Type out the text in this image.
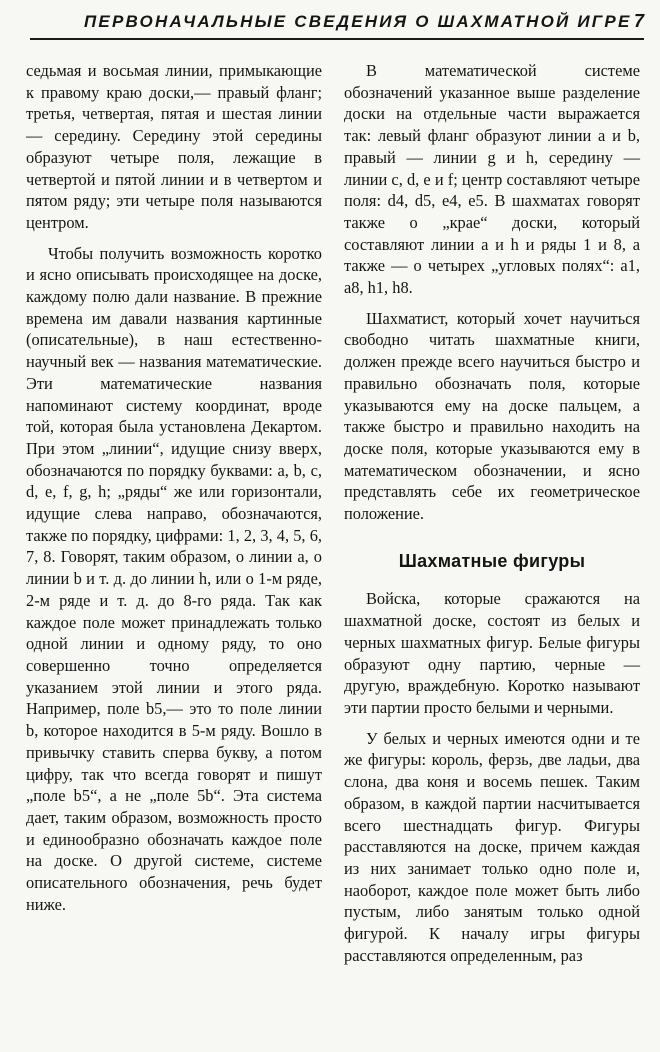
ПЕРВОНАЧАЛЬНЫЕ СВЕДЕНИЯ О ШАХМАТНОЙ ИГРЕ 7

седьмая и восьмая линии, примыкающие к правому краю доски,— правый фланг; третья, четвертая, пятая и шестая линии — середину. Середину этой середины образуют четыре поля, лежащие в четвертой и пятой линии и в четвертом и пятом ряду; эти четыре поля называются центром.

Чтобы получить возможность коротко и ясно описывать происходящее на доске, каждому полю дали название. В прежние времена им давали названия картинные (описательные), в наш естественно-научный век — названия математические. Эти математические названия напоминают систему координат, вроде той, которая была установлена Декартом. При этом „линии“, идущие снизу вверх, обозначаются по порядку буквами: a, b, c, d, e, f, g, h; „ряды“ же или горизонтали, идущие слева направо, обозначаются, также по порядку, цифрами: 1, 2, 3, 4, 5, 6, 7, 8. Говорят, таким образом, о линии a, о линии b и т. д. до линии h, или о 1-м ряде, 2-м ряде и т. д. до 8-го ряда. Так как каждое поле может принадлежать только одной линии и одному ряду, то оно совершенно точно определяется указанием этой линии и этого ряда. Например, поле b5,— это то поле линии b, которое находится в 5-м ряду. Вошло в привычку ставить сперва букву, а потом цифру, так что всегда говорят и пишут „поле b5“, а не „поле 5b“. Эта система дает, таким образом, возможность просто и единообразно обозначать каждое поле на доске. О другой системе, системе описательного обозначения, речь будет ниже.

В математической системе обозначений указанное выше разделение доски на отдельные части выражается так: левый фланг образуют линии a и b, правый — линии g и h, середину — линии c, d, e и f; центр составляют четыре поля: d4, d5, e4, e5. В шахматах говорят также о „крае“ доски, который составляют линии a и h и ряды 1 и 8, а также — о четырех „угловых полях“: a1, a8, h1, h8.

Шахматист, который хочет научиться свободно читать шахматные книги, должен прежде всего научиться быстро и правильно обозначать поля, которые указываются ему на доске пальцем, а также быстро и правильно находить на доске поля, которые указываются ему в математическом обозначении, и ясно представлять себе их геометрическое положение.

Шахматные фигуры

Войска, которые сражаются на шахматной доске, состоят из белых и черных шахматных фигур. Белые фигуры образуют одну партию, черные — другую, враждебную. Коротко называют эти партии просто белыми и черными.

У белых и черных имеются одни и те же фигуры: король, ферзь, две ладьи, два слона, два коня и восемь пешек. Таким образом, в каждой партии насчитывается всего шестнадцать фигур. Фигуры расставляются на доске, причем каждая из них занимает только одно поле и, наоборот, каждое поле может быть либо пустым, либо занятым только одной фигурой. К началу игры фигуры расставляются определенным, раз
